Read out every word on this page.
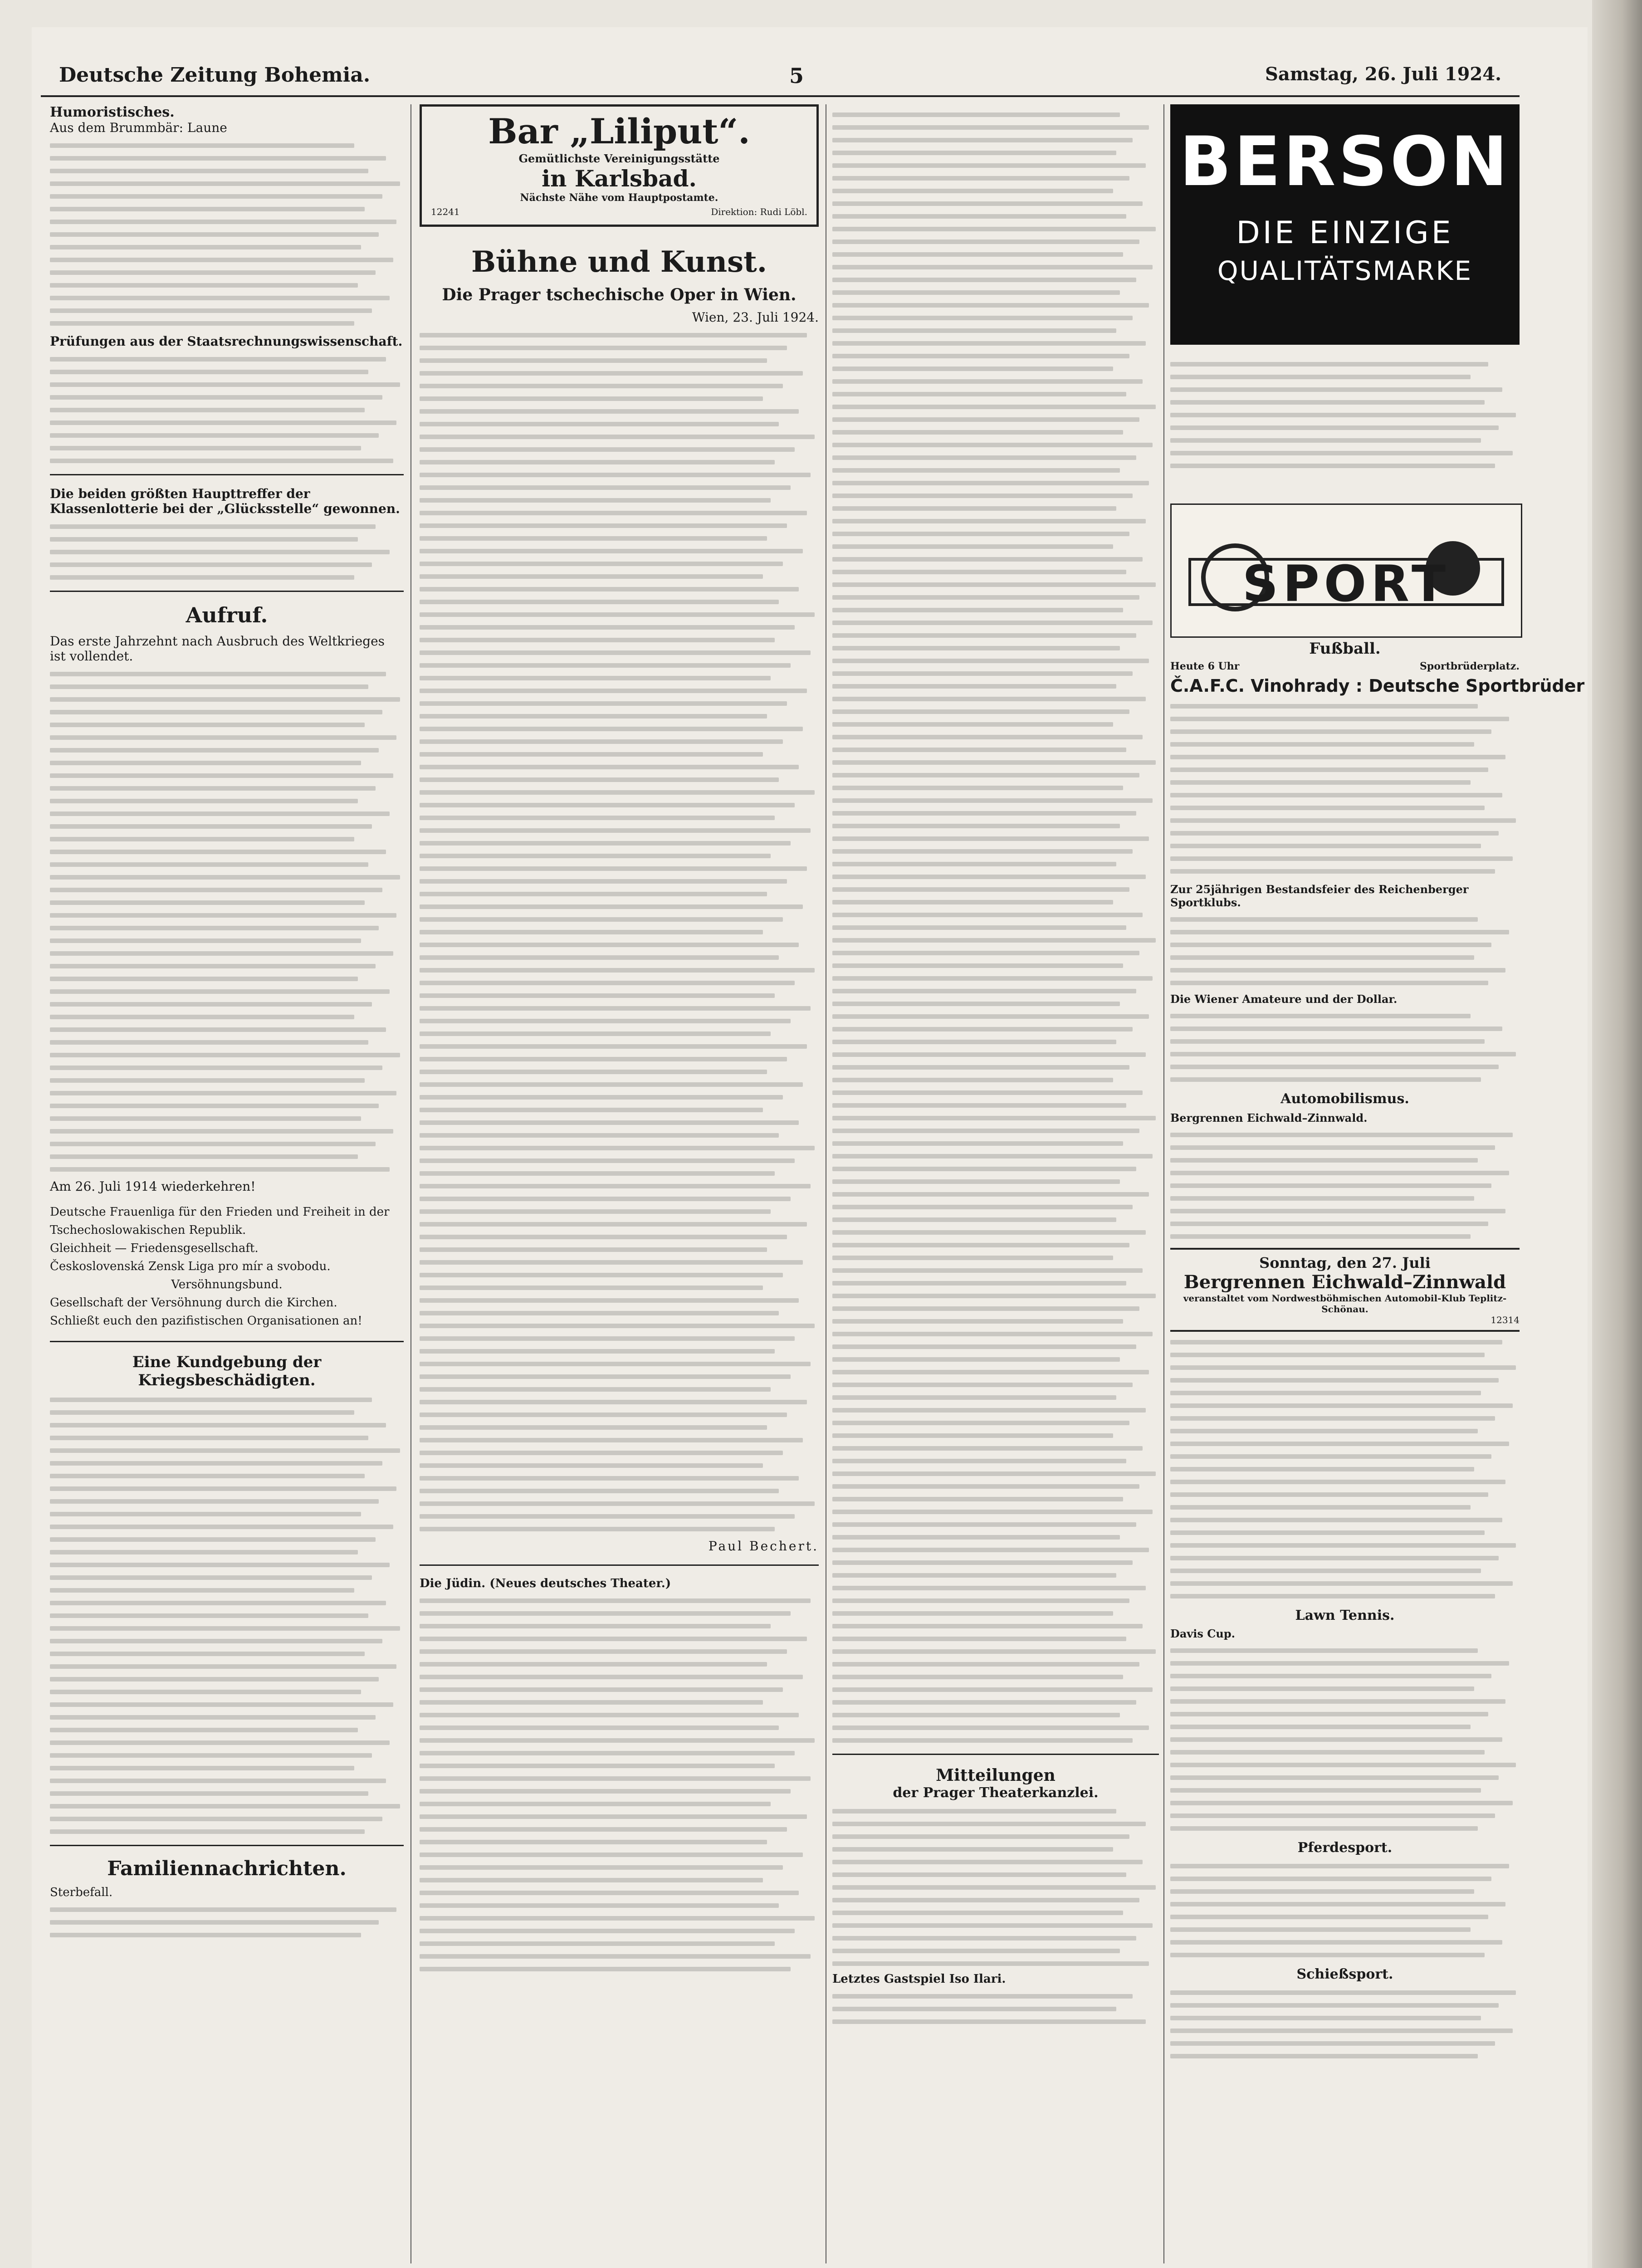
Deutsche Zeitung Bohemia.	5	Samstag, 26. Juli 1924.

Humoristisches.

Aus dem Brummbär: Laune

Prüfungen aus der Staatsrechnungswissenschaft.

Die beiden größten Haupttreffer der Klassenlotterie bei der „Glücksstelle“ gewonnen.

Aufruf.

Das erste Jahrzehnt nach Ausbruch des Weltkrieges ist vollendet.

Am 26. Juli 1914 wiederkehren!

Deutsche Frauenliga für den Frieden und Freiheit in der Tschechoslowakischen Republik.

Gleichheit — Friedensgesellschaft.

Československá Zensk Liga pro mír a svobodu.

Versöhnungsbund.

Gesellschaft der Versöhnung durch die Kirchen.

Schließt euch den pazifistischen Organisationen an!

Eine Kundgebung der Kriegsbeschädigten.

Familiennachrichten.

Sterbefall.

Bar „Liliput“.

Gemütlichste Vereinigungsstätte

in Karlsbad.

Nächste Nähe vom Hauptpostamte.

12241	Direktion: Rudi Löbl.

Bühne und Kunst.

Die Prager tschechische Oper in Wien.

Wien, 23. Juli 1924.

Paul Bechert.

Die Jüdin. (Neues deutsches Theater.)

Mitteilungen

der Prager Theaterkanzlei.

Letztes Gastspiel Iso Ilari.

BERSON

DIE EINZIGE

QUALITÄTSMARKE

SPORT

Fußball.

Heute 6 Uhr	Sportbrüderplatz.

Č.A.F.C. Vinohrady : Deutsche Sportbrüder

Zur 25jährigen Bestandsfeier des Reichenberger Sportklubs.

Die Wiener Amateure und der Dollar.

Automobilismus.

Bergrennen Eichwald–Zinnwald.

Sonntag, den 27. Juli

Bergrennen Eichwald–Zinnwald

veranstaltet vom Nordwestböhmischen Automobil-Klub Teplitz-Schönau.

12314

Lawn Tennis.

Davis Cup.

Pferdesport.

Schießsport.
